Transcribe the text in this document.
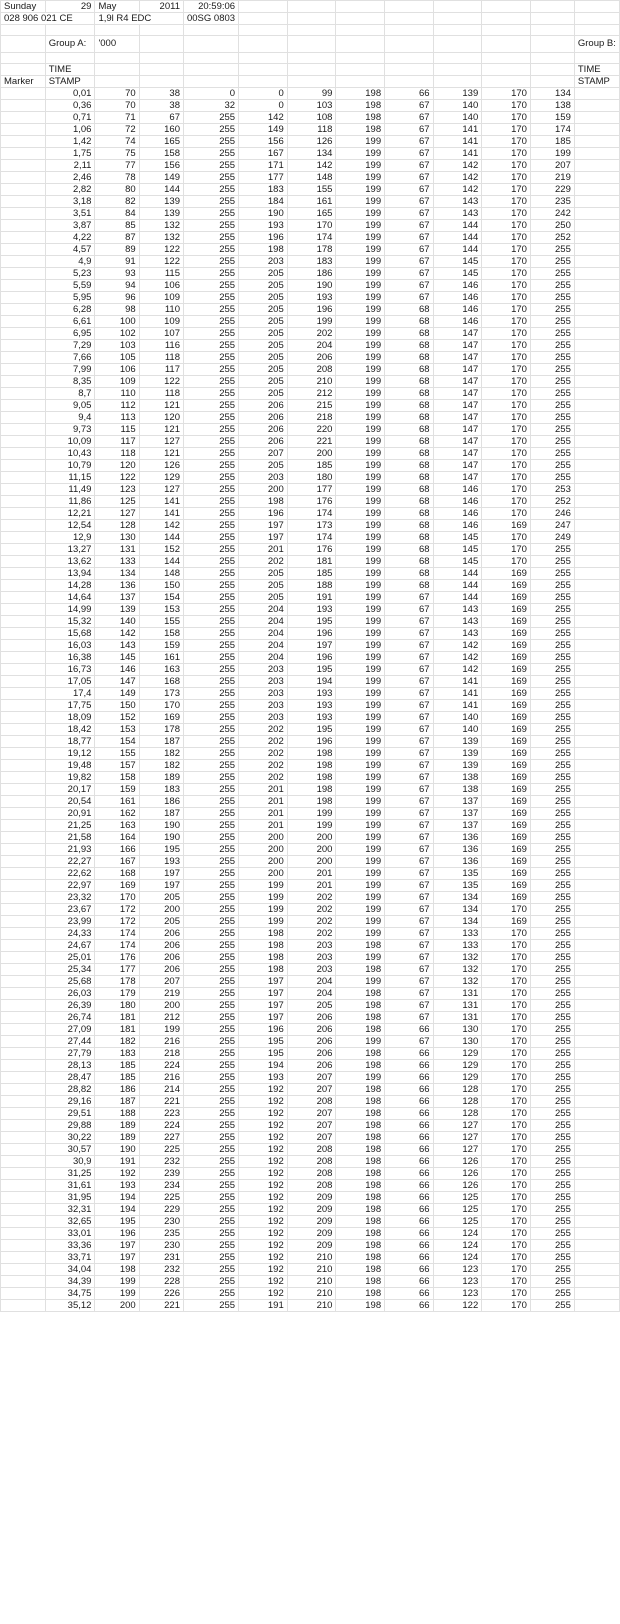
Sunday	29	May	2011	20:59:06								
028 906 021 CE		1,9l R4 EDC		00SG 0803								

	Group A:	'000										Group B:

	TIME											TIME
Marker	STAMP											STAMP
	0,01	70	38	0	0	99	198	66	139	170	134	
	0,36	70	38	32	0	103	198	67	140	170	138	
	0,71	71	67	255	142	108	198	67	140	170	159	
	1,06	72	160	255	149	118	198	67	141	170	174	
	1,42	74	165	255	156	126	199	67	141	170	185	
	1,75	75	158	255	167	134	199	67	141	170	199	
	2,11	77	156	255	171	142	199	67	142	170	207	
	2,46	78	149	255	177	148	199	67	142	170	219	
	2,82	80	144	255	183	155	199	67	142	170	229	
	3,18	82	139	255	184	161	199	67	143	170	235	
	3,51	84	139	255	190	165	199	67	143	170	242	
	3,87	85	132	255	193	170	199	67	144	170	250	
	4,22	87	132	255	196	174	199	67	144	170	252	
	4,57	89	122	255	198	178	199	67	144	170	255	
	4,9	91	122	255	203	183	199	67	145	170	255	
	5,23	93	115	255	205	186	199	67	145	170	255	
	5,59	94	106	255	205	190	199	67	146	170	255	
	5,95	96	109	255	205	193	199	67	146	170	255	
	6,28	98	110	255	205	196	199	68	146	170	255	
	6,61	100	109	255	205	199	199	68	146	170	255	
	6,95	102	107	255	205	202	199	68	147	170	255	
	7,29	103	116	255	205	204	199	68	147	170	255	
	7,66	105	118	255	205	206	199	68	147	170	255	
	7,99	106	117	255	205	208	199	68	147	170	255	
	8,35	109	122	255	205	210	199	68	147	170	255	
	8,7	110	118	255	205	212	199	68	147	170	255	
	9,05	112	121	255	206	215	199	68	147	170	255	
	9,4	113	120	255	206	218	199	68	147	170	255	
	9,73	115	121	255	206	220	199	68	147	170	255	
	10,09	117	127	255	206	221	199	68	147	170	255	
	10,43	118	121	255	207	200	199	68	147	170	255	
	10,79	120	126	255	205	185	199	68	147	170	255	
	11,15	122	129	255	203	180	199	68	147	170	255	
	11,49	123	127	255	200	177	199	68	146	170	253	
	11,86	125	141	255	198	176	199	68	146	170	252	
	12,21	127	141	255	196	174	199	68	146	170	246	
	12,54	128	142	255	197	173	199	68	146	169	247	
	12,9	130	144	255	197	174	199	68	145	170	249	
	13,27	131	152	255	201	176	199	68	145	170	255	
	13,62	133	144	255	202	181	199	68	145	170	255	
	13,94	134	148	255	205	185	199	68	144	169	255	
	14,28	136	150	255	205	188	199	68	144	169	255	
	14,64	137	154	255	205	191	199	67	144	169	255	
	14,99	139	153	255	204	193	199	67	143	169	255	
	15,32	140	155	255	204	195	199	67	143	169	255	
	15,68	142	158	255	204	196	199	67	143	169	255	
	16,03	143	159	255	204	197	199	67	142	169	255	
	16,38	145	161	255	204	196	199	67	142	169	255	
	16,73	146	163	255	203	195	199	67	142	169	255	
	17,05	147	168	255	203	194	199	67	141	169	255	
	17,4	149	173	255	203	193	199	67	141	169	255	
	17,75	150	170	255	203	193	199	67	141	169	255	
	18,09	152	169	255	203	193	199	67	140	169	255	
	18,42	153	178	255	202	195	199	67	140	169	255	
	18,77	154	187	255	202	196	199	67	139	169	255	
	19,12	155	182	255	202	198	199	67	139	169	255	
	19,48	157	182	255	202	198	199	67	139	169	255	
	19,82	158	189	255	202	198	199	67	138	169	255	
	20,17	159	183	255	201	198	199	67	138	169	255	
	20,54	161	186	255	201	198	199	67	137	169	255	
	20,91	162	187	255	201	199	199	67	137	169	255	
	21,25	163	190	255	201	199	199	67	137	169	255	
	21,58	164	190	255	200	200	199	67	136	169	255	
	21,93	166	195	255	200	200	199	67	136	169	255	
	22,27	167	193	255	200	200	199	67	136	169	255	
	22,62	168	197	255	200	201	199	67	135	169	255	
	22,97	169	197	255	199	201	199	67	135	169	255	
	23,32	170	205	255	199	202	199	67	134	169	255	
	23,67	172	200	255	199	202	199	67	134	170	255	
	23,99	172	205	255	199	202	199	67	134	169	255	
	24,33	174	206	255	198	202	199	67	133	170	255	
	24,67	174	206	255	198	203	198	67	133	170	255	
	25,01	176	206	255	198	203	199	67	132	170	255	
	25,34	177	206	255	198	203	198	67	132	170	255	
	25,68	178	207	255	197	204	199	67	132	170	255	
	26,03	179	219	255	197	204	198	67	131	170	255	
	26,39	180	200	255	197	205	198	67	131	170	255	
	26,74	181	212	255	197	206	198	67	131	170	255	
	27,09	181	199	255	196	206	198	66	130	170	255	
	27,44	182	216	255	195	206	199	67	130	170	255	
	27,79	183	218	255	195	206	198	66	129	170	255	
	28,13	185	224	255	194	206	198	66	129	170	255	
	28,47	185	216	255	193	207	199	66	129	170	255	
	28,82	186	214	255	192	207	198	66	128	170	255	
	29,16	187	221	255	192	208	198	66	128	170	255	
	29,51	188	223	255	192	207	198	66	128	170	255	
	29,88	189	224	255	192	207	198	66	127	170	255	
	30,22	189	227	255	192	207	198	66	127	170	255	
	30,57	190	225	255	192	208	198	66	127	170	255	
	30,9	191	232	255	192	208	198	66	126	170	255	
	31,25	192	239	255	192	208	198	66	126	170	255	
	31,61	193	234	255	192	208	198	66	126	170	255	
	31,95	194	225	255	192	209	198	66	125	170	255	
	32,31	194	229	255	192	209	198	66	125	170	255	
	32,65	195	230	255	192	209	198	66	125	170	255	
	33,01	196	235	255	192	209	198	66	124	170	255	
	33,36	197	230	255	192	209	198	66	124	170	255	
	33,71	197	231	255	192	210	198	66	124	170	255	
	34,04	198	232	255	192	210	198	66	123	170	255	
	34,39	199	228	255	192	210	198	66	123	170	255	
	34,75	199	226	255	192	210	198	66	123	170	255	
	35,12	200	221	255	191	210	198	66	122	170	255	
